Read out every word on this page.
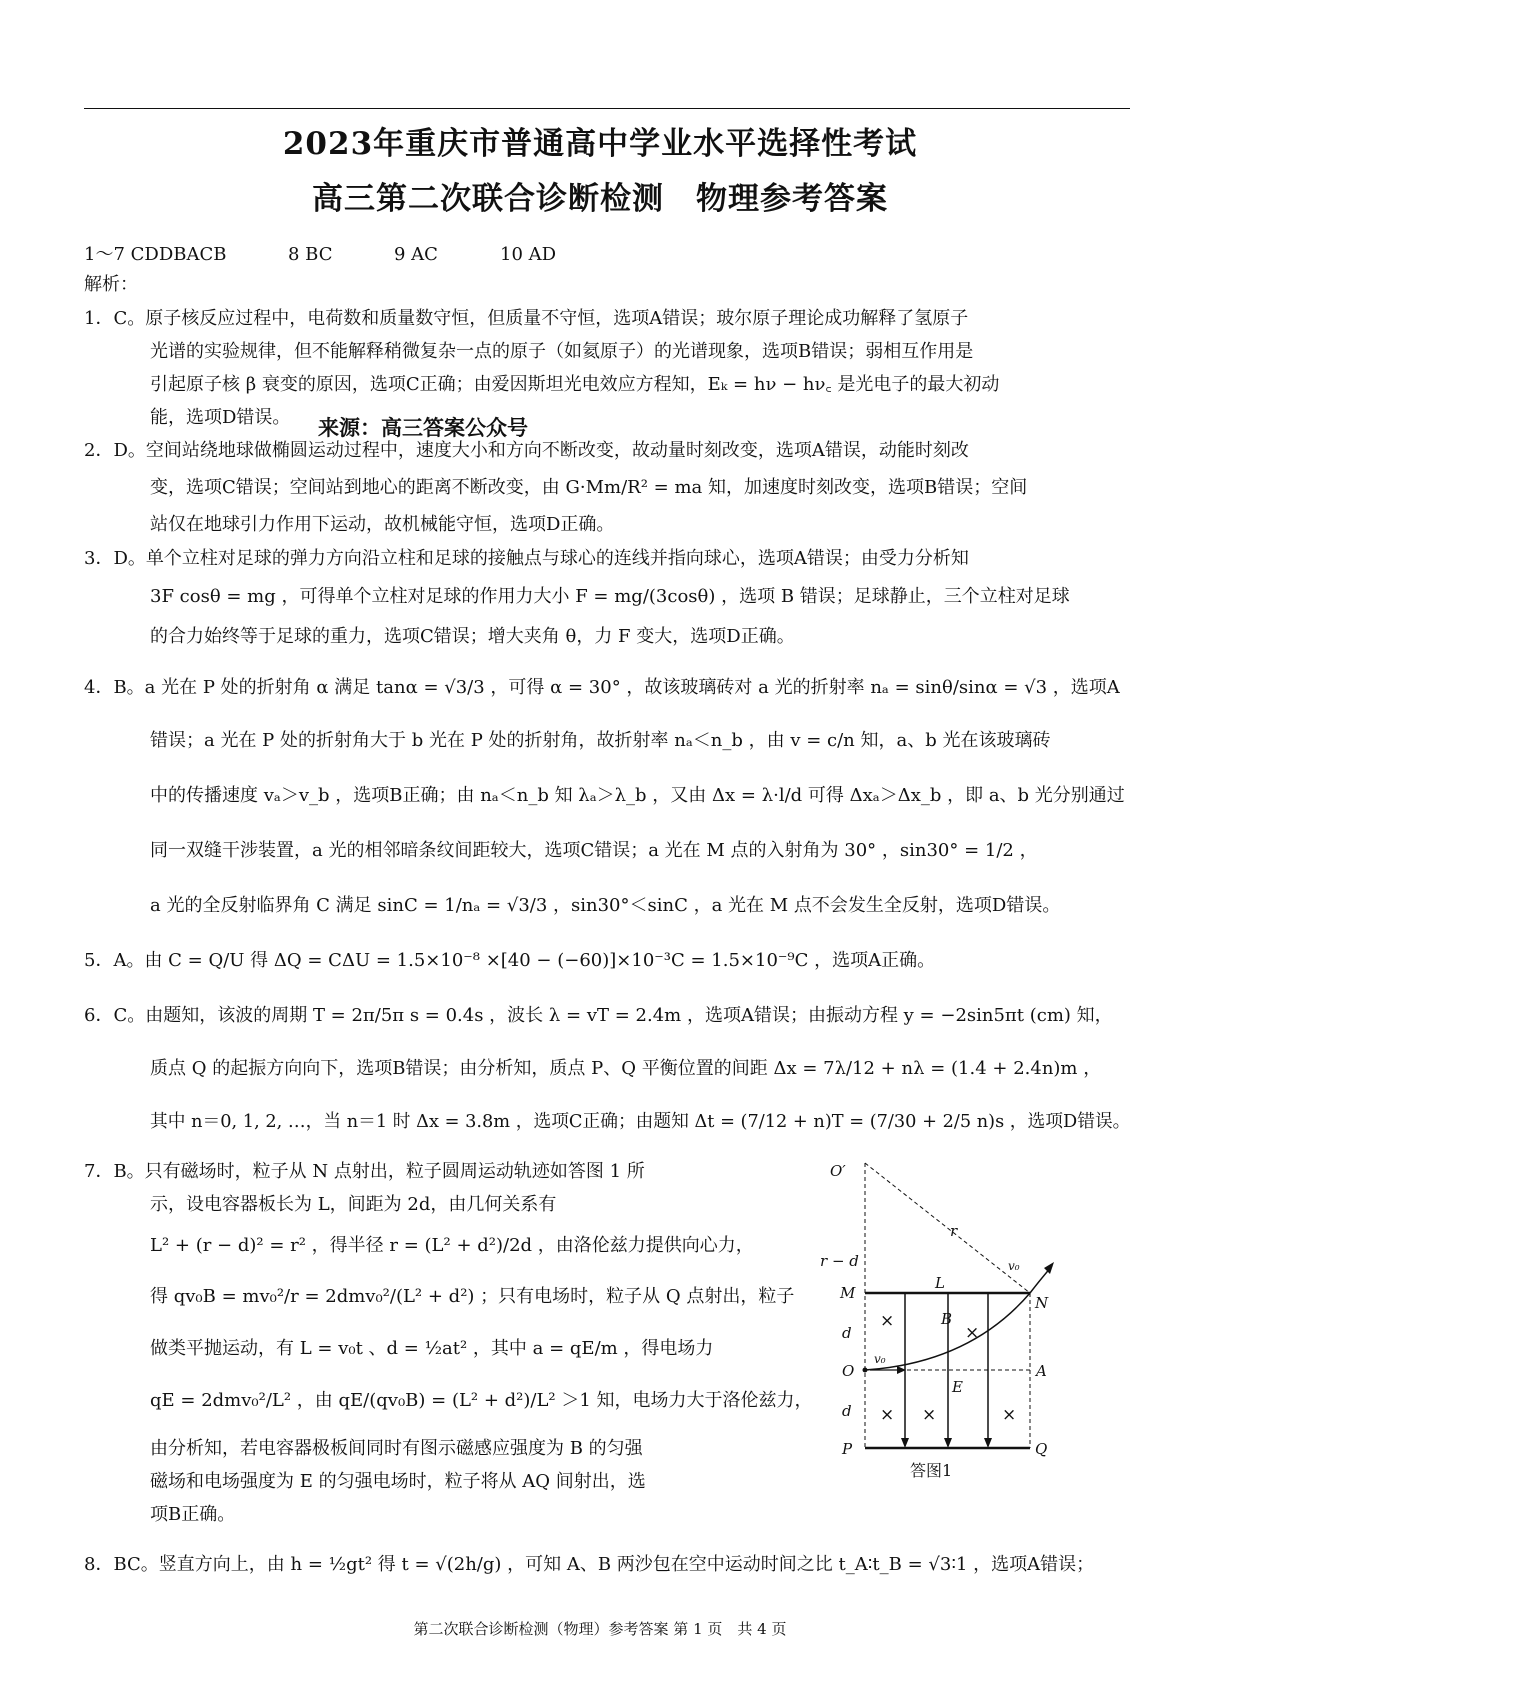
2023年重庆市普通高中学业水平选择性考试
高三第二次联合诊断检测　物理参考答案
1～7 CDDBACB	8 BC	9 AC	10 AD
解析：
1．C。原子核反应过程中，电荷数和质量数守恒，但质量不守恒，选项A错误；玻尔原子理论成功解释了氢原子
光谱的实验规律，但不能解释稍微复杂一点的原子（如氦原子）的光谱现象，选项B错误；弱相互作用是
引起原子核 β 衰变的原因，选项C正确；由爱因斯坦光电效应方程知，Eₖ = hν − hν꜀ 是光电子的最大初动
能，选项D错误。
2．D。空间站绕地球做椭圆运动过程中，速度大小和方向不断改变，故动量时刻改变，选项A错误，动能时刻改
变，选项C错误；空间站到地心的距离不断改变，由 G·Mm/R² = ma 知，加速度时刻改变，选项B错误；空间
站仅在地球引力作用下运动，故机械能守恒，选项D正确。
3．D。单个立柱对足球的弹力方向沿立柱和足球的接触点与球心的连线并指向球心，选项A错误；由受力分析知
3F cosθ = mg ，可得单个立柱对足球的作用力大小 F = mg/(3cosθ) ，选项 B 错误；足球静止，三个立柱对足球
的合力始终等于足球的重力，选项C错误；增大夹角 θ，力 F 变大，选项D正确。
4．B。a 光在 P 处的折射角 α 满足 tanα = √3/3 ，可得 α = 30° ，故该玻璃砖对 a 光的折射率 nₐ = sinθ/sinα = √3 ，选项A
错误；a 光在 P 处的折射角大于 b 光在 P 处的折射角，故折射率 nₐ＜n_b ，由 v = c/n 知，a、b 光在该玻璃砖
中的传播速度 vₐ＞v_b ，选项B正确；由 nₐ＜n_b 知 λₐ＞λ_b ，又由 Δx = λ·l/d 可得 Δxₐ＞Δx_b ，即 a、b 光分别通过
同一双缝干涉装置，a 光的相邻暗条纹间距较大，选项C错误；a 光在 M 点的入射角为 30° ，sin30° = 1/2 ，
a 光的全反射临界角 C 满足 sinC = 1/nₐ = √3/3 ，sin30°＜sinC ，a 光在 M 点不会发生全反射，选项D错误。
5．A。由 C = Q/U 得 ΔQ = CΔU = 1.5×10⁻⁸ ×[40 − (−60)]×10⁻³C = 1.5×10⁻⁹C ，选项A正确。
6．C。由题知，该波的周期 T = 2π/5π s = 0.4s ，波长 λ = vT = 2.4m ，选项A错误；由振动方程 y = −2sin5πt (cm) 知，
质点 Q 的起振方向向下，选项B错误；由分析知，质点 P、Q 平衡位置的间距 Δx = 7λ/12 + nλ = (1.4 + 2.4n)m ，
其中 n＝0, 1, 2, …，当 n＝1 时 Δx = 3.8m ，选项C正确；由题知 Δt = (7/12 + n)T = (7/30 + 2/5 n)s ，选项D错误。
7．B。只有磁场时，粒子从 N 点射出，粒子圆周运动轨迹如答图 1 所
示，设电容器板长为 L，间距为 2d，由几何关系有
L² + (r − d)² = r² ，得半径 r = (L² + d²)/2d ，由洛伦兹力提供向心力，
得 qv₀B = mv₀²/r = 2dmv₀²/(L² + d²) ；只有电场时，粒子从 Q 点射出，粒子
做类平抛运动，有 L = v₀t 、d = ½at² ，其中 a = qE/m ，得电场力
qE = 2dmv₀²/L² ，由 qE/(qv₀B) = (L² + d²)/L² ＞1 知，电场力大于洛伦兹力，
由分析知，若电容器极板间同时有图示磁感应强度为 B 的匀强
磁场和电场强度为 E 的匀强电场时，粒子将从 AQ 间射出，选
项B正确。
8．BC。竖直方向上，由 h = ½gt² 得 t = √(2h/g) ，可知 A、B 两沙包在空中运动时间之比 t_A∶t_B = √3∶1 ，选项A错误；
来源：高三答案公众号
O′
r − d
r
v₀
M
L
N
B
d
O
v₀
A
E
d
P	Q
×
×
× ×	×
答图1
第二次联合诊断检测（物理）参考答案 第 1 页　共 4 页
